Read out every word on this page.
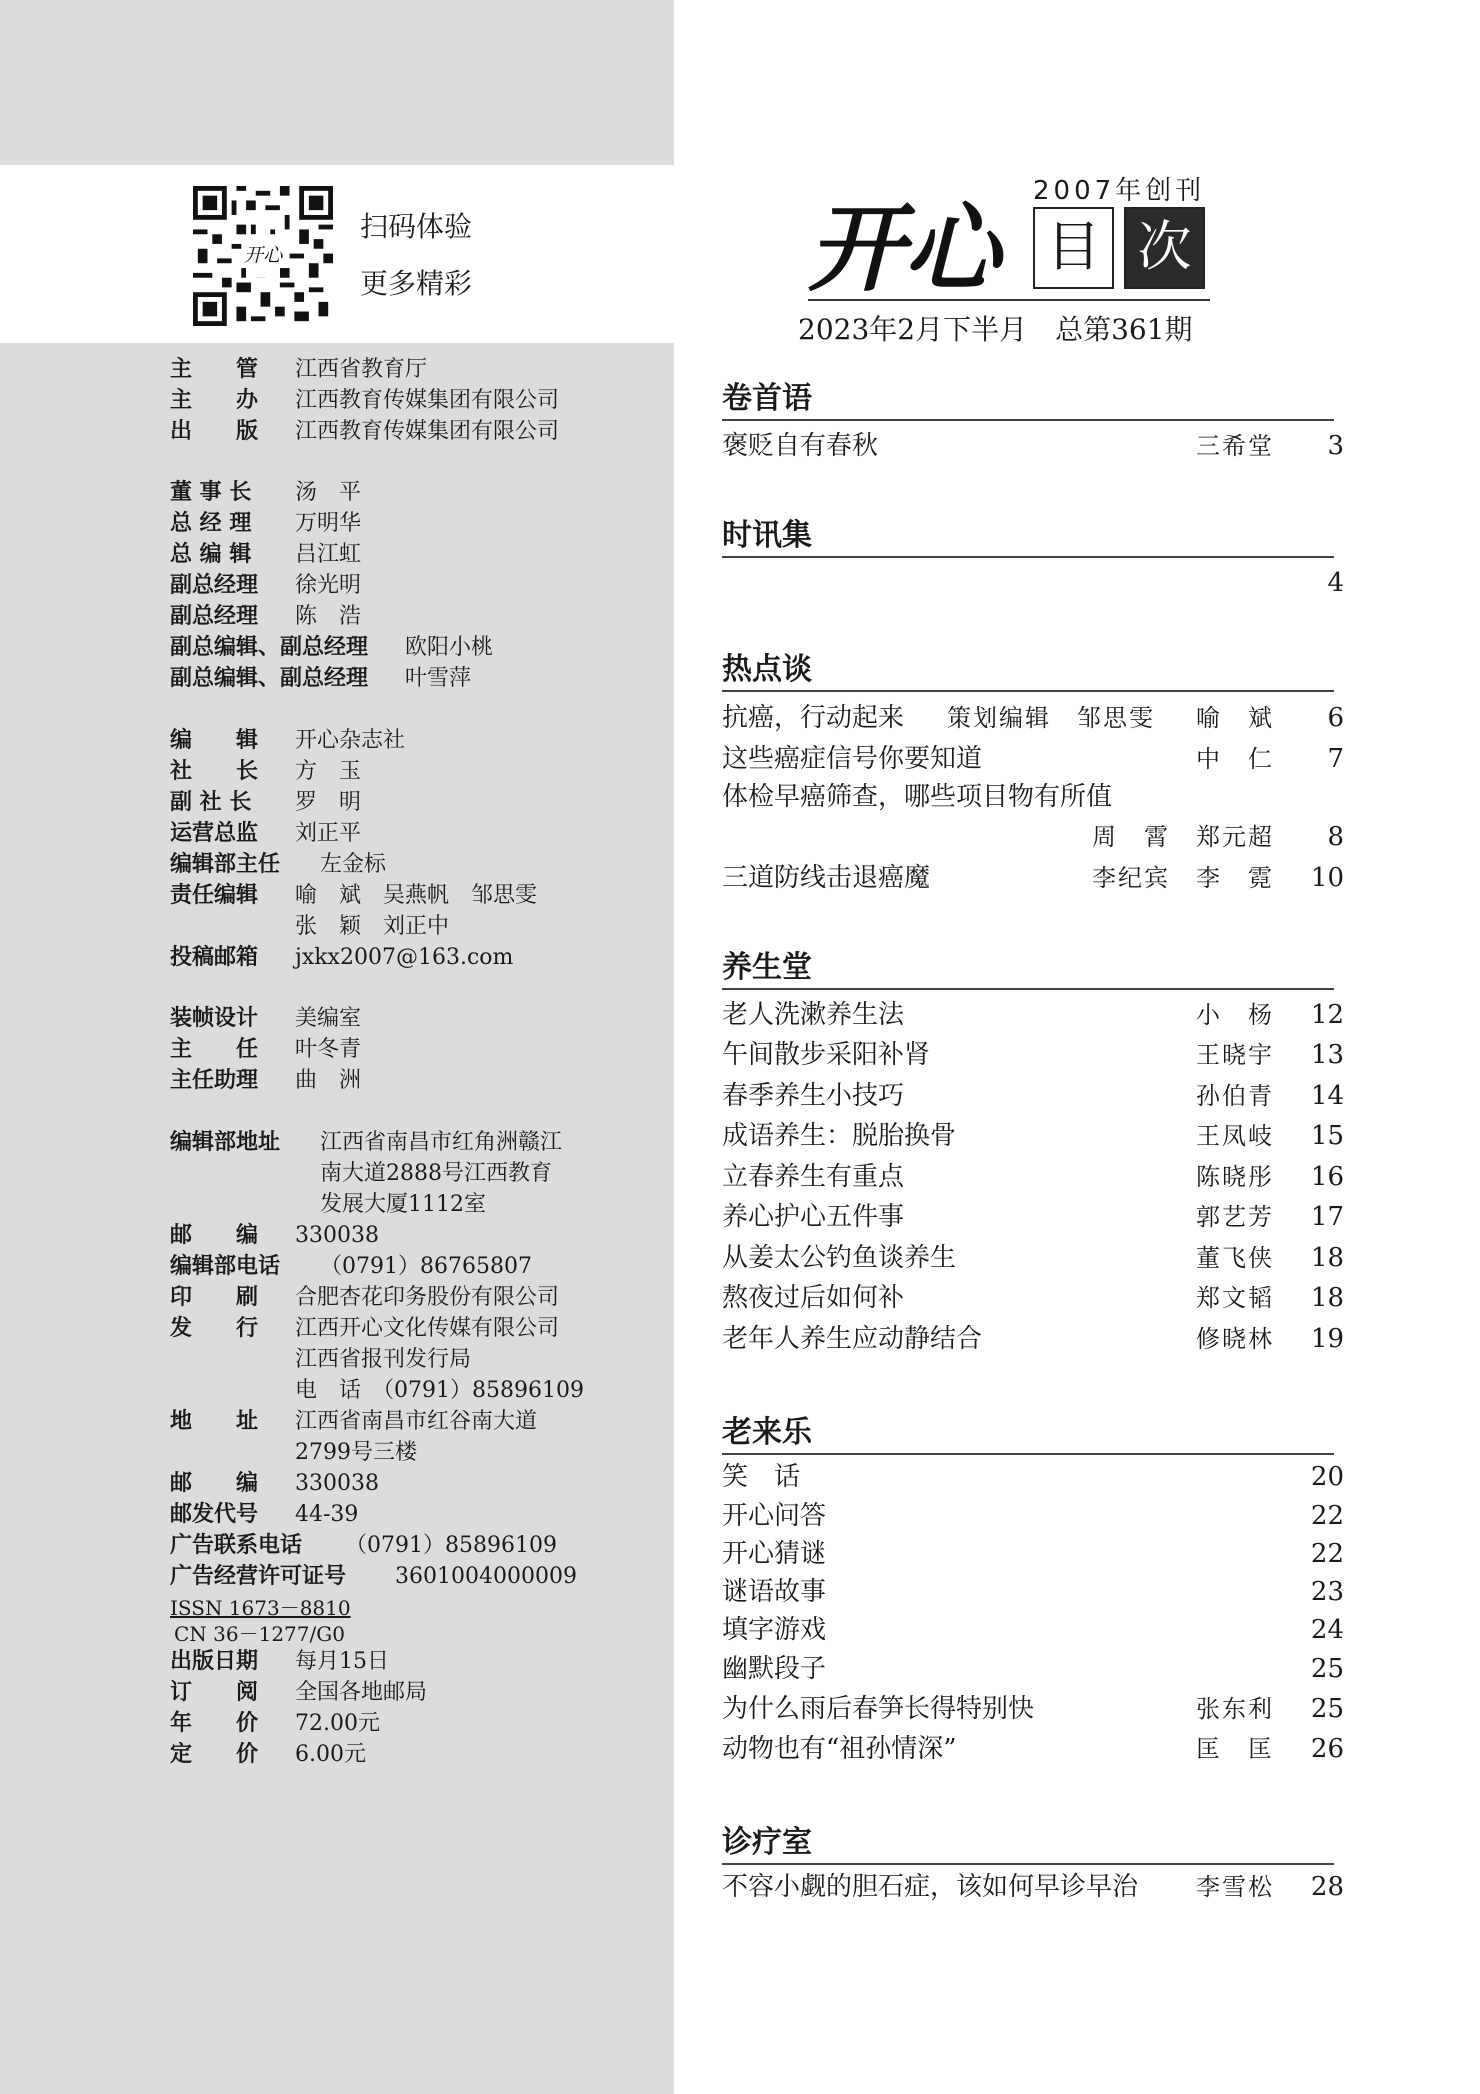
开心
扫码体验
更多精彩
主　　管 江西省教育厅
主　　办 江西教育传媒集团有限公司
出　　版 江西教育传媒集团有限公司
董 事 长 汤　平
总 经 理 万明华
总 编 辑 吕江虹
副总经理 徐光明
副总经理 陈　浩
副总编辑、副总经理 欧阳小桃
副总编辑、副总经理 叶雪萍
编　　辑 开心杂志社
社　　长 方　玉
副 社 长 罗　明
运营总监 刘正平
编辑部主任 左金标
责任编辑 喻　斌　吴燕帆　邹思雯
张　颖　刘正中
投稿邮箱 jxkx2007@163.com
装帧设计 美编室
主　　任 叶冬青
主任助理 曲　洲
编辑部地址 江西省南昌市红角洲赣江
南大道2888号江西教育
发展大厦1112室
邮　　编 330038
编辑部电话 （0791）86765807
印　　刷 合肥杏花印务股份有限公司
发　　行 江西开心文化传媒有限公司
江西省报刊发行局
电　话　（0791）85896109
地　　址 江西省南昌市红谷南大道
2799号三楼
邮　　编 330038
邮发代号 44-39
广告联系电话 （0791）85896109
广告经营许可证号 3601004000009
ISSN 1673－8810
CN 36－1277/G0
出版日期 每月15日
订　　阅 全国各地邮局
年　　价 72.00元
定　　价 6.00元
2007年创刊
开心 目 次
2023年2月下半月　总第361期
卷首语
褒贬自有春秋	三希堂	3
时讯集
4
热点谈
抗癌，行动起来 策划编辑　邹思雯 喻　斌	6
这些癌症信号你要知道	中　仁	7
体检早癌筛查，哪些项目物有所值
周　霄　郑元超	8
三道防线击退癌魔	李纪宾　李　霓	10
养生堂
老人洗漱养生法	小　杨	12
午间散步采阳补肾	王晓宇	13
春季养生小技巧	孙伯青	14
成语养生：脱胎换骨	王凤岐	15
立春养生有重点	陈晓彤	16
养心护心五件事	郭艺芳	17
从姜太公钓鱼谈养生	董飞侠	18
熬夜过后如何补	郑文韬	18
老年人养生应动静结合	修晓林	19
老来乐
笑　话	20
开心问答	22
开心猜谜	22
谜语故事	23
填字游戏	24
幽默段子	25
为什么雨后春笋长得特别快	张东利	25
动物也有“祖孙情深”	匡　匡	26
诊疗室
不容小觑的胆石症，该如何早诊早治 李雪松	28
